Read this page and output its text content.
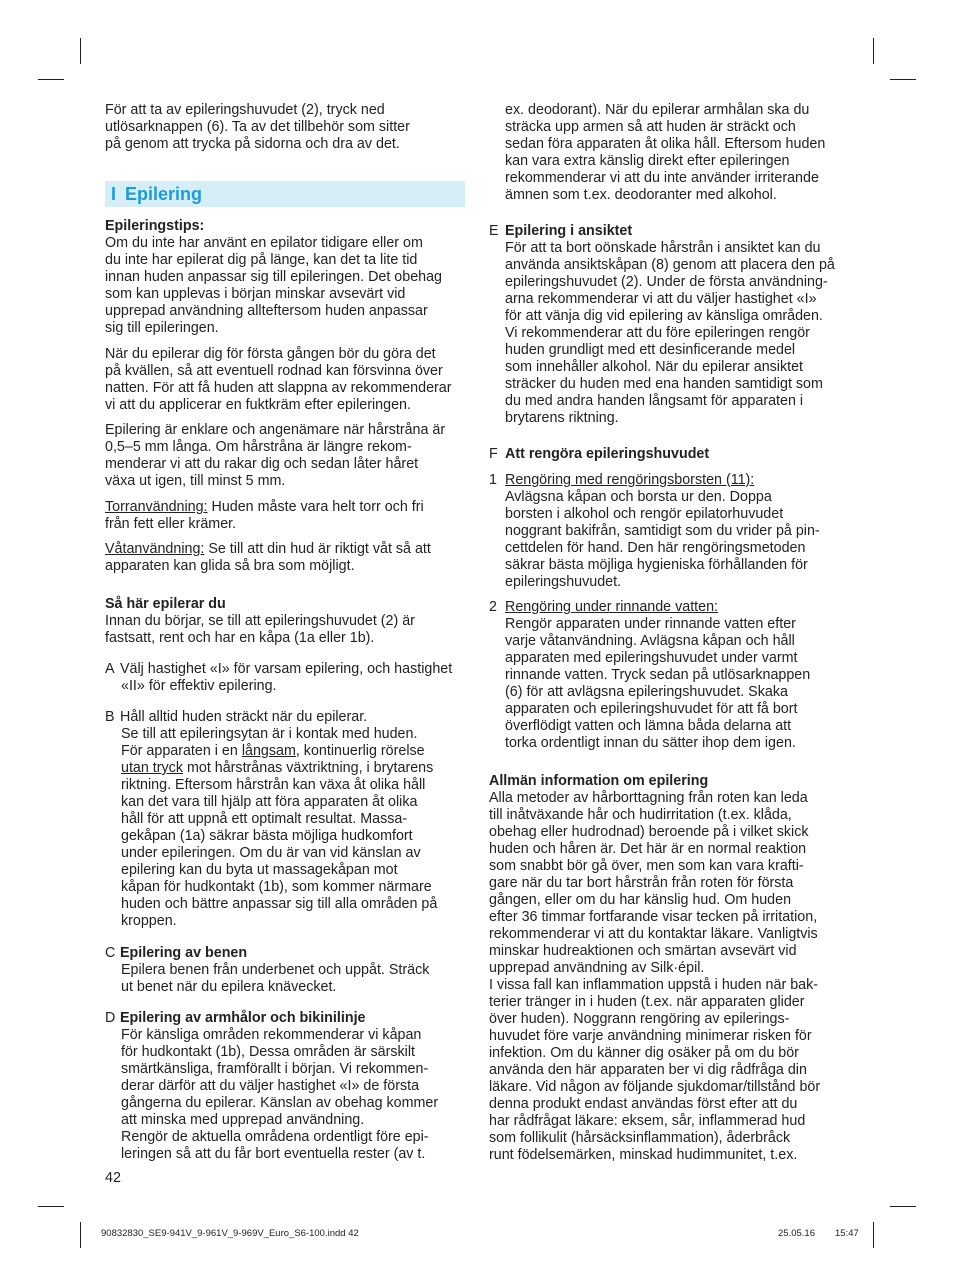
För att ta av epileringshuvudet (2), tryck ned
utlösarknappen (6). Ta av det tillbehör som sitter
på genom att trycka på sidorna och dra av det.
I Epilering
Epileringstips:
Om du inte har använt en epilator tidigare eller om
du inte har epilerat dig på länge, kan det ta lite tid
innan huden anpassar sig till epileringen. Det obehag
som kan upplevas i början minskar avsevärt vid
upprepad användning allteftersom huden anpassar
sig till epileringen.
När du epilerar dig för första gången bör du göra det
på kvällen, så att eventuell rodnad kan försvinna över
natten. För att få huden att slappna av rekommenderar
vi att du applicerar en fuktkräm efter epileringen.
Epilering är enklare och angenämare när hårstråna är
0,5–5 mm långa. Om hårstråna är längre rekom-
menderar vi att du rakar dig och sedan låter håret
växa ut igen, till minst 5 mm.
Torranvändning: Huden måste vara helt torr och fri
från fett eller krämer.
Våtanvändning: Se till att din hud är riktigt våt så att
apparaten kan glida så bra som möjligt.
Så här epilerar du
Innan du börjar, se till att epileringshuvudet (2) är
fastsatt, rent och har en kåpa (1a eller 1b).
A Välj hastighet «I» för varsam epilering, och hastighet
«II» för effektiv epilering.
B Håll alltid huden sträckt när du epilerar.
Se till att epileringsytan är i kontak med huden.
För apparaten i en långsam, kontinuerlig rörelse
utan tryck mot hårstrånas växtriktning, i brytarens
riktning. Eftersom hårstrån kan växa åt olika håll
kan det vara till hjälp att föra apparaten åt olika
håll för att uppnå ett optimalt resultat. Massa-
gekåpan (1a) säkrar bästa möjliga hudkomfort
under epileringen. Om du är van vid känslan av
epilering kan du byta ut massagekåpan mot
kåpan för hudkontakt (1b), som kommer närmare
huden och bättre anpassar sig till alla områden på
kroppen.
C Epilering av benen
Epilera benen från underbenet och uppåt. Sträck
ut benet när du epilera knävecket.
D Epilering av armhålor och bikinilinje
För känsliga områden rekommenderar vi kåpan
för hudkontakt (1b), Dessa områden är särskilt
smärtkänsliga, framförallt i början. Vi rekommen-
derar därför att du väljer hastighet «I» de första
gångerna du epilerar. Känslan av obehag kommer
att minska med upprepad användning.
Rengör de aktuella områdena ordentligt före epi-
leringen så att du får bort eventuella rester (av t.
ex. deodorant). När du epilerar armhålan ska du
sträcka upp armen så att huden är sträckt och
sedan föra apparaten åt olika håll. Eftersom huden
kan vara extra känslig direkt efter epileringen
rekommenderar vi att du inte använder irriterande
ämnen som t.ex. deodoranter med alkohol.
E Epilering i ansiktet
För att ta bort oönskade hårstrån i ansiktet kan du
använda ansiktskåpan (8) genom att placera den på
epileringshuvudet (2). Under de första användning-
arna rekommenderar vi att du väljer hastighet «I»
för att vänja dig vid epilering av känsliga områden.
Vi rekommenderar att du före epileringen rengör
huden grundligt med ett desinficerande medel
som innehåller alkohol. När du epilerar ansiktet
sträcker du huden med ena handen samtidigt som
du med andra handen långsamt för apparaten i
brytarens riktning.
F Att rengöra epileringshuvudet
1 Rengöring med rengöringsborsten (11):
Avlägsna kåpan och borsta ur den. Doppa
borsten i alkohol och rengör epilatorhuvudet
noggrant bakifrån, samtidigt som du vrider på pin-
cettdelen för hand. Den här rengöringsmetoden
säkrar bästa möjliga hygieniska förhållanden för
epileringshuvudet.
2 Rengöring under rinnande vatten:
Rengör apparaten under rinnande vatten efter
varje våtanvändning. Avlägsna kåpan och håll
apparaten med epileringshuvudet under varmt
rinnande vatten. Tryck sedan på utlösarknappen
(6) för att avlägsna epileringshuvudet. Skaka
apparaten och epileringshuvudet för att få bort
överflödigt vatten och lämna båda delarna att
torka ordentligt innan du sätter ihop dem igen.
Allmän information om epilering
Alla metoder av hårborttagning från roten kan leda
till inåtväxande hår och hudirritation (t.ex. klåda,
obehag eller hudrodnad) beroende på i vilket skick
huden och håren är. Det här är en normal reaktion
som snabbt bör gå över, men som kan vara krafti-
gare när du tar bort hårstrån från roten för första
gången, eller om du har känslig hud. Om huden
efter 36 timmar fortfarande visar tecken på irritation,
rekommenderar vi att du kontaktar läkare. Vanligtvis
minskar hudreaktionen och smärtan avsevärt vid
upprepad användning av Silk·épil.
I vissa fall kan inflammation uppstå i huden när bak-
terier tränger in i huden (t.ex. när apparaten glider
över huden). Noggrann rengöring av epilerings-
huvudet före varje användning minimerar risken för
infektion. Om du känner dig osäker på om du bör
använda den här apparaten ber vi dig rådfråga din
läkare. Vid någon av följande sjukdomar/tillstånd bör
denna produkt endast användas först efter att du
har rådfrågat läkare: eksem, sår, inflammerad hud
som follikulit (hårsäcksinflammation), åderbråck
runt födelsemärken, minskad hudimmunitet, t.ex.
42
90832830_SE9-941V_9-961V_9-969V_Euro_S6-100.indd 42	25.05.16 15:47
